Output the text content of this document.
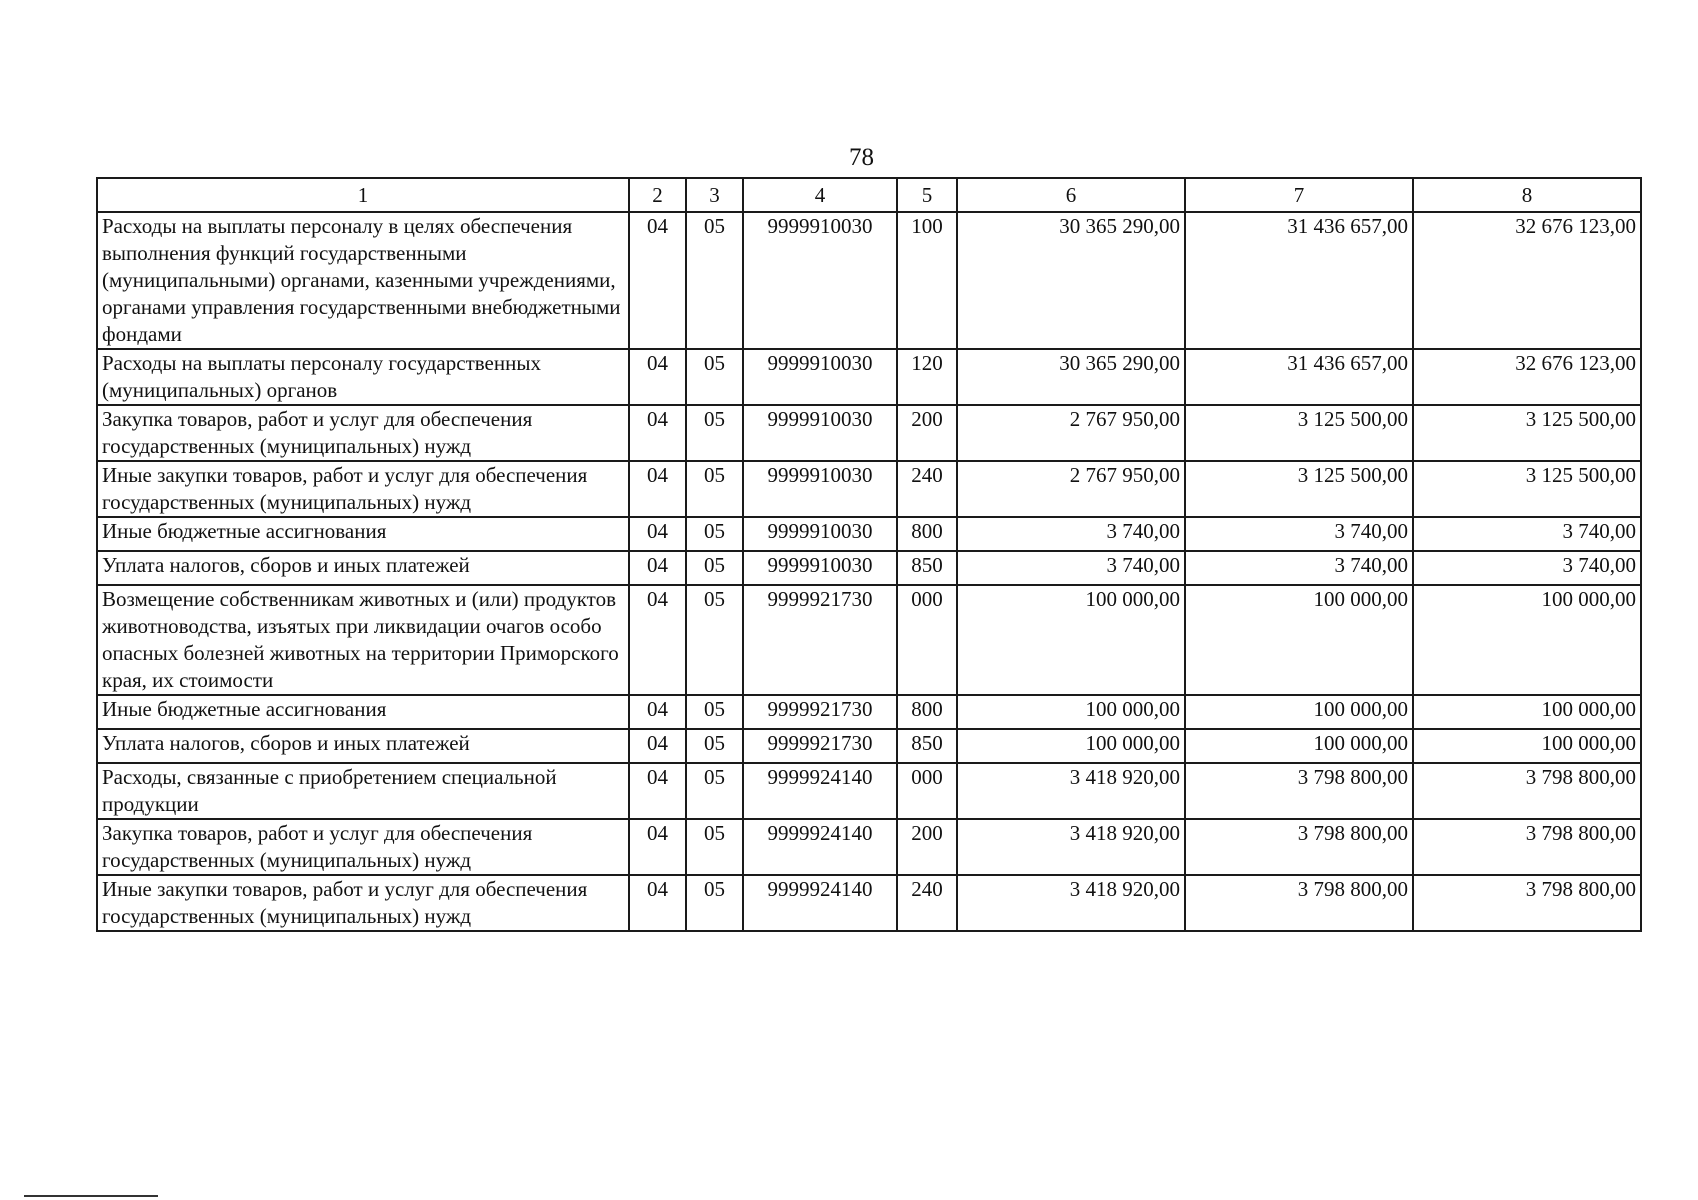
78
1	2	3	4	5	6	7	8
Расходы на выплаты персоналу в целях обеспечения выполнения функций государственными (муниципальными) органами, казенными учреждениями, органами управления государственными внебюджетными фондами	04	05	9999910030	100	30 365 290,00	31 436 657,00	32 676 123,00
Расходы на выплаты персоналу государственных (муниципальных) органов	04	05	9999910030	120	30 365 290,00	31 436 657,00	32 676 123,00
Закупка товаров, работ и услуг для обеспечения государственных (муниципальных) нужд	04	05	9999910030	200	2 767 950,00	3 125 500,00	3 125 500,00
Иные закупки товаров, работ и услуг для обеспечения государственных (муниципальных) нужд	04	05	9999910030	240	2 767 950,00	3 125 500,00	3 125 500,00
Иные бюджетные ассигнования	04	05	9999910030	800	3 740,00	3 740,00	3 740,00
Уплата налогов, сборов и иных платежей	04	05	9999910030	850	3 740,00	3 740,00	3 740,00
Возмещение собственникам животных и (или) продуктов животноводства, изъятых при ликвидации очагов особо опасных болезней животных на территории Приморского края, их стоимости	04	05	9999921730	000	100 000,00	100 000,00	100 000,00
Иные бюджетные ассигнования	04	05	9999921730	800	100 000,00	100 000,00	100 000,00
Уплата налогов, сборов и иных платежей	04	05	9999921730	850	100 000,00	100 000,00	100 000,00
Расходы, связанные с приобретением специальной продукции	04	05	9999924140	000	3 418 920,00	3 798 800,00	3 798 800,00
Закупка товаров, работ и услуг для обеспечения государственных (муниципальных) нужд	04	05	9999924140	200	3 418 920,00	3 798 800,00	3 798 800,00
Иные закупки товаров, работ и услуг для обеспечения государственных (муниципальных) нужд	04	05	9999924140	240	3 418 920,00	3 798 800,00	3 798 800,00
